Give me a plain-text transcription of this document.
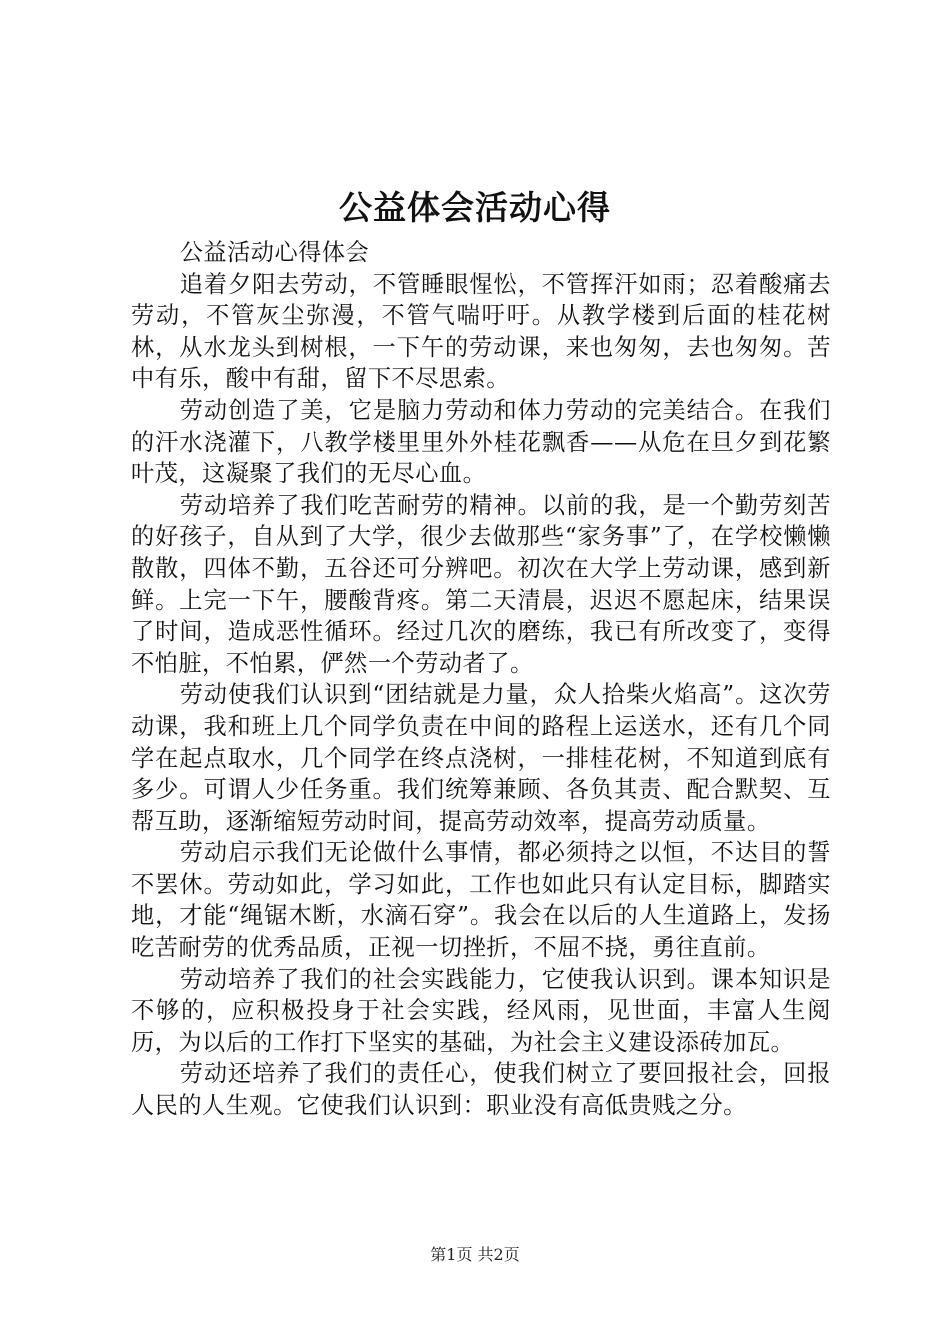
公益体会活动心得

公益活动心得体会

追着夕阳去劳动，不管睡眼惺忪，不管挥汗如雨；忍着酸痛去劳动，不管灰尘弥漫，不管气喘吁吁。从教学楼到后面的桂花树林，从水龙头到树根，一下午的劳动课，来也匆匆，去也匆匆。苦中有乐，酸中有甜，留下不尽思索。

劳动创造了美，它是脑力劳动和体力劳动的完美结合。在我们的汗水浇灌下，八教学楼里里外外桂花飘香——从危在旦夕到花繁叶茂，这凝聚了我们的无尽心血。

劳动培养了我们吃苦耐劳的精神。以前的我，是一个勤劳刻苦的好孩子，自从到了大学，很少去做那些“家务事”了，在学校懒懒散散，四体不勤，五谷还可分辨吧。初次在大学上劳动课，感到新鲜。上完一下午，腰酸背疼。第二天清晨，迟迟不愿起床，结果误了时间，造成恶性循环。经过几次的磨练，我已有所改变了，变得不怕脏，不怕累，俨然一个劳动者了。

劳动使我们认识到“团结就是力量，众人拾柴火焰高”。这次劳动课，我和班上几个同学负责在中间的路程上运送水，还有几个同学在起点取水，几个同学在终点浇树，一排桂花树，不知道到底有多少。可谓人少任务重。我们统筹兼顾、各负其责、配合默契、互帮互助，逐渐缩短劳动时间，提高劳动效率，提高劳动质量。

劳动启示我们无论做什么事情，都必须持之以恒，不达目的誓不罢休。劳动如此，学习如此，工作也如此只有认定目标，脚踏实地，才能“绳锯木断，水滴石穿”。我会在以后的人生道路上，发扬吃苦耐劳的优秀品质，正视一切挫折，不屈不挠，勇往直前。

劳动培养了我们的社会实践能力，它使我认识到。课本知识是不够的，应积极投身于社会实践，经风雨，见世面，丰富人生阅历，为以后的工作打下坚实的基础，为社会主义建设添砖加瓦。

劳动还培养了我们的责任心，使我们树立了要回报社会，回报人民的人生观。它使我们认识到：职业没有高低贵贱之分。

第1页 共2页
